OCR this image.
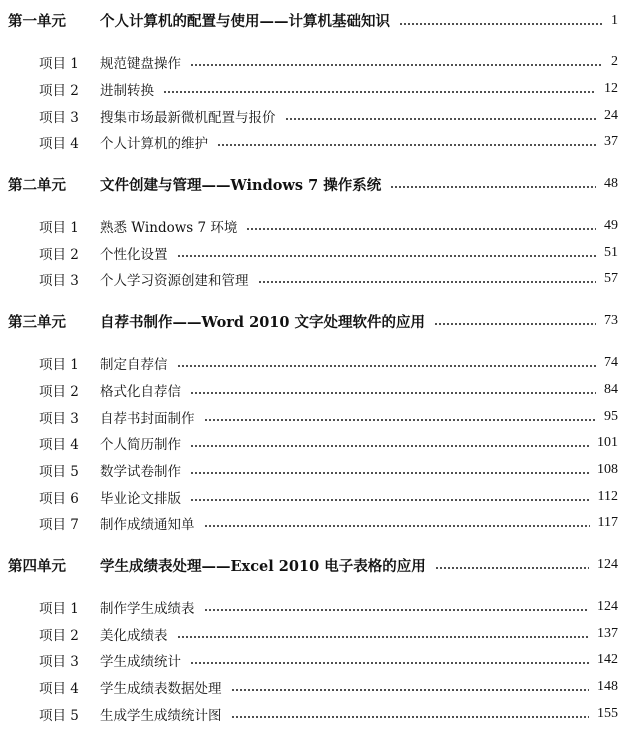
第一单元	个人计算机的配置与使用——计算机基础知识	1
项目 1	规范键盘操作	2
项目 2	进制转换	12
项目 3	搜集市场最新微机配置与报价	24
项目 4	个人计算机的维护	37
第二单元	文件创建与管理——Windows 7 操作系统	48
项目 1	熟悉 Windows 7 环境	49
项目 2	个性化设置	51
项目 3	个人学习资源创建和管理	57
第三单元	自荐书制作——Word 2010 文字处理软件的应用	73
项目 1	制定自荐信	74
项目 2	格式化自荐信	84
项目 3	自荐书封面制作	95
项目 4	个人简历制作	101
项目 5	数学试卷制作	108
项目 6	毕业论文排版	112
项目 7	制作成绩通知单	117
第四单元	学生成绩表处理——Excel 2010 电子表格的应用	124
项目 1	制作学生成绩表	124
项目 2	美化成绩表	137
项目 3	学生成绩统计	142
项目 4	学生成绩表数据处理	148
项目 5	生成学生成绩统计图	155
